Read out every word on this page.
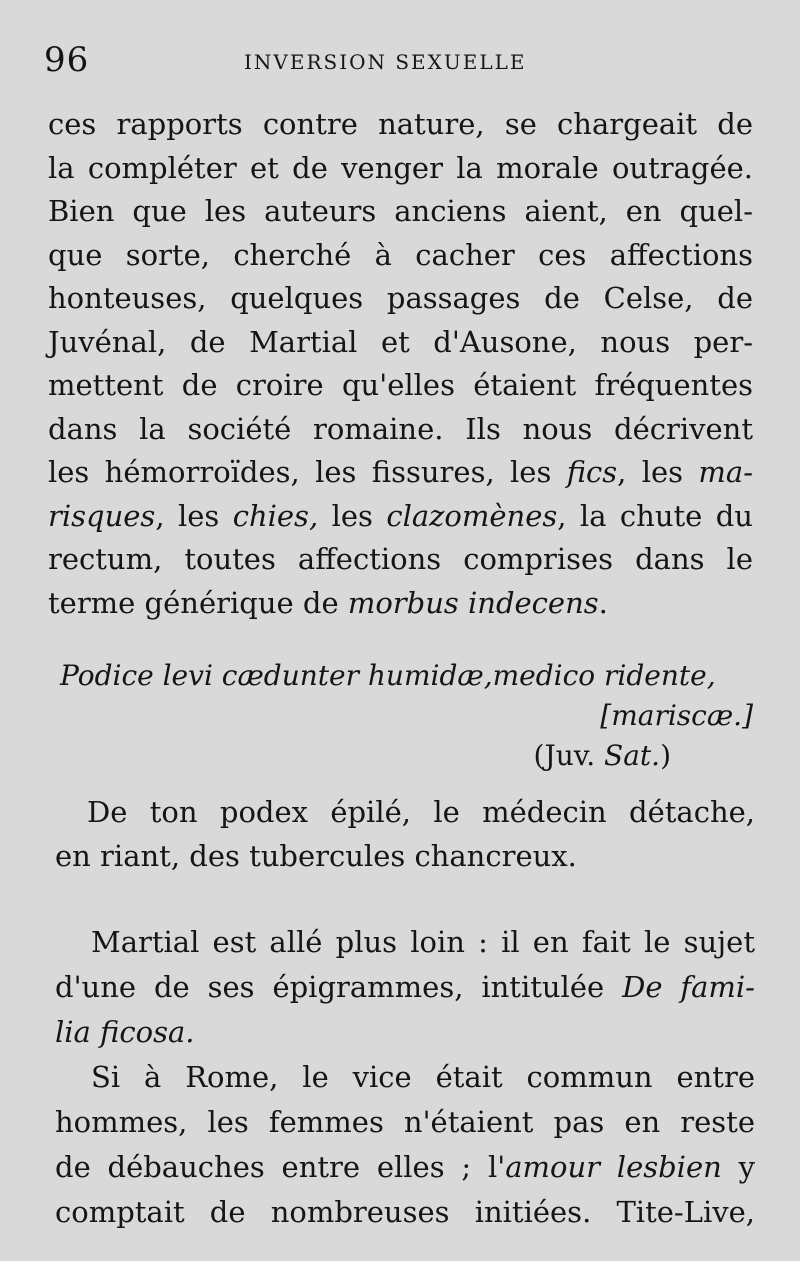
96	INVERSION SEXUELLE
ces rapports contre nature, se chargeait de
la compléter et de venger la morale outragée.
Bien que les auteurs anciens aient, en quel-
que sorte, cherché à cacher ces affections
honteuses, quelques passages de Celse, de
Juvénal, de Martial et d'Ausone, nous per-
mettent de croire qu'elles étaient fréquentes
dans la société romaine. Ils nous décrivent
les hémorroïdes, les fissures, les fics, les ma-
risques, les chies, les clazomènes, la chute du
rectum, toutes affections comprises dans le
terme générique de morbus indecens.
Podice levi cædunter humidæ,medico ridente,
[mariscæ.]
(Juv. Sat.)
De ton podex épilé, le médecin détache,
en riant, des tubercules chancreux.
Martial est allé plus loin : il en fait le sujet
d'une de ses épigrammes, intitulée De fami-
lia ficosa.
Si à Rome, le vice était commun entre
hommes, les femmes n'étaient pas en reste
de débauches entre elles ; l'amour lesbien y
comptait de nombreuses initiées. Tite-Live,
